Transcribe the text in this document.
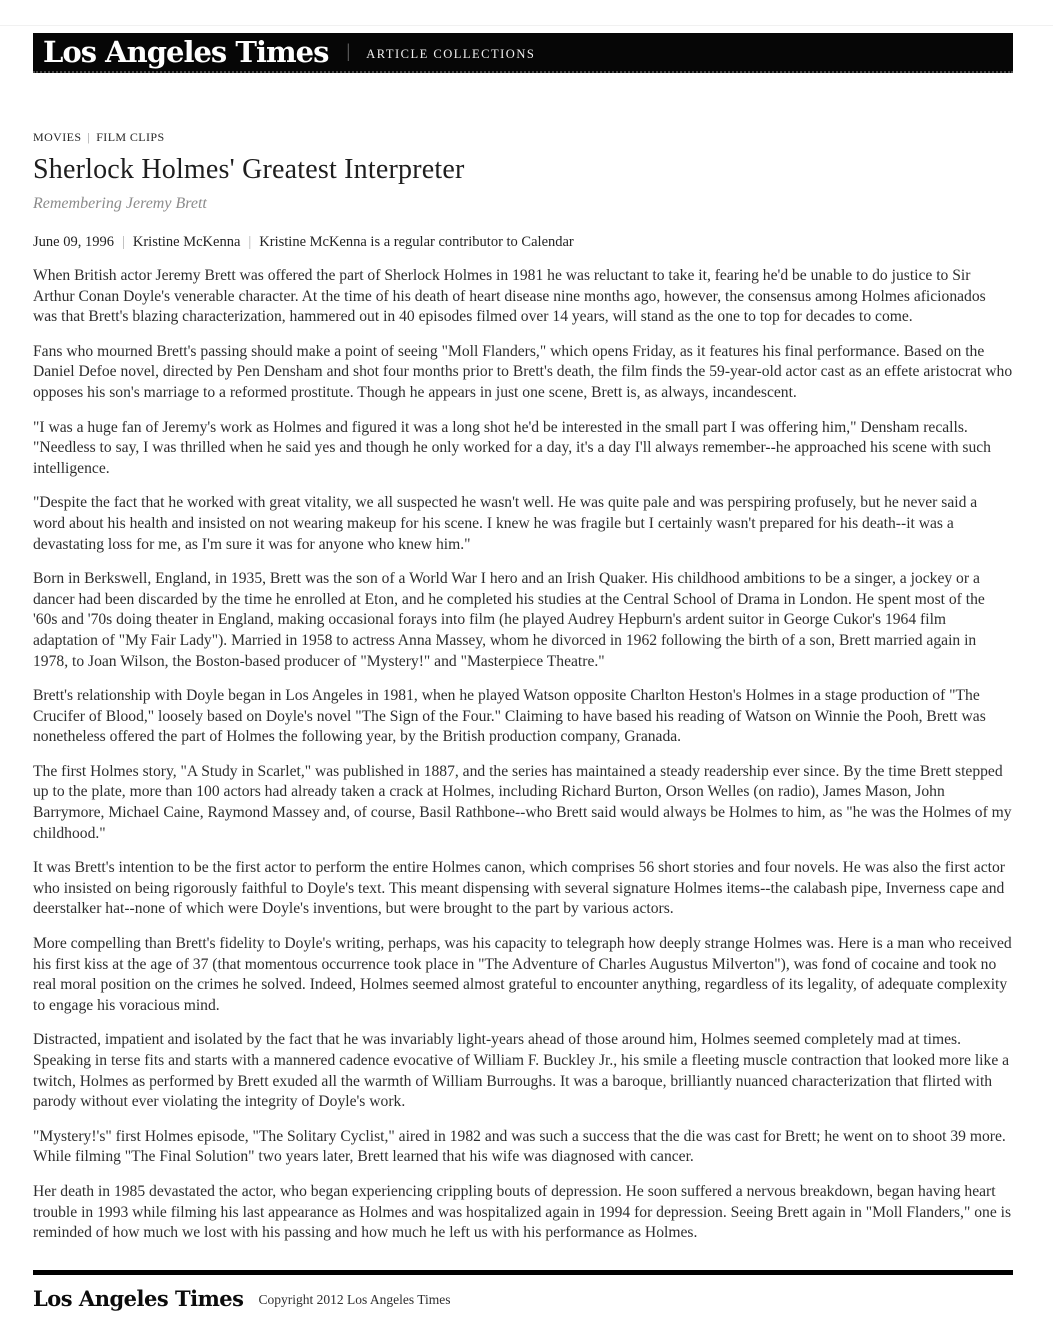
Los Angeles Times | ARTICLE COLLECTIONS
MOVIES | FILM CLIPS
Sherlock Holmes' Greatest Interpreter
Remembering Jeremy Brett
June 09, 1996 | Kristine McKenna | Kristine McKenna is a regular contributor to Calendar

When British actor Jeremy Brett was offered the part of Sherlock Holmes in 1981 he was reluctant to take it, fearing he'd be unable to do justice to Sir Arthur Conan Doyle's venerable character. At the time of his death of heart disease nine months ago, however, the consensus among Holmes aficionados was that Brett's blazing characterization, hammered out in 40 episodes filmed over 14 years, will stand as the one to top for decades to come.

Fans who mourned Brett's passing should make a point of seeing "Moll Flanders," which opens Friday, as it features his final performance. Based on the Daniel Defoe novel, directed by Pen Densham and shot four months prior to Brett's death, the film finds the 59-year-old actor cast as an effete aristocrat who opposes his son's marriage to a reformed prostitute. Though he appears in just one scene, Brett is, as always, incandescent.

"I was a huge fan of Jeremy's work as Holmes and figured it was a long shot he'd be interested in the small part I was offering him," Densham recalls. "Needless to say, I was thrilled when he said yes and though he only worked for a day, it's a day I'll always remember--he approached his scene with such intelligence.

"Despite the fact that he worked with great vitality, we all suspected he wasn't well. He was quite pale and was perspiring profusely, but he never said a word about his health and insisted on not wearing makeup for his scene. I knew he was fragile but I certainly wasn't prepared for his death--it was a devastating loss for me, as I'm sure it was for anyone who knew him."

Born in Berkswell, England, in 1935, Brett was the son of a World War I hero and an Irish Quaker. His childhood ambitions to be a singer, a jockey or a dancer had been discarded by the time he enrolled at Eton, and he completed his studies at the Central School of Drama in London. He spent most of the '60s and '70s doing theater in England, making occasional forays into film (he played Audrey Hepburn's ardent suitor in George Cukor's 1964 film adaptation of "My Fair Lady"). Married in 1958 to actress Anna Massey, whom he divorced in 1962 following the birth of a son, Brett married again in 1978, to Joan Wilson, the Boston-based producer of "Mystery!" and "Masterpiece Theatre."

Brett's relationship with Doyle began in Los Angeles in 1981, when he played Watson opposite Charlton Heston's Holmes in a stage production of "The Crucifer of Blood," loosely based on Doyle's novel "The Sign of the Four." Claiming to have based his reading of Watson on Winnie the Pooh, Brett was nonetheless offered the part of Holmes the following year, by the British production company, Granada.

The first Holmes story, "A Study in Scarlet," was published in 1887, and the series has maintained a steady readership ever since. By the time Brett stepped up to the plate, more than 100 actors had already taken a crack at Holmes, including Richard Burton, Orson Welles (on radio), James Mason, John Barrymore, Michael Caine, Raymond Massey and, of course, Basil Rathbone--who Brett said would always be Holmes to him, as "he was the Holmes of my childhood."

It was Brett's intention to be the first actor to perform the entire Holmes canon, which comprises 56 short stories and four novels. He was also the first actor who insisted on being rigorously faithful to Doyle's text. This meant dispensing with several signature Holmes items--the calabash pipe, Inverness cape and deerstalker hat--none of which were Doyle's inventions, but were brought to the part by various actors.

More compelling than Brett's fidelity to Doyle's writing, perhaps, was his capacity to telegraph how deeply strange Holmes was. Here is a man who received his first kiss at the age of 37 (that momentous occurrence took place in "The Adventure of Charles Augustus Milverton"), was fond of cocaine and took no real moral position on the crimes he solved. Indeed, Holmes seemed almost grateful to encounter anything, regardless of its legality, of adequate complexity to engage his voracious mind.

Distracted, impatient and isolated by the fact that he was invariably light-years ahead of those around him, Holmes seemed completely mad at times. Speaking in terse fits and starts with a mannered cadence evocative of William F. Buckley Jr., his smile a fleeting muscle contraction that looked more like a twitch, Holmes as performed by Brett exuded all the warmth of William Burroughs. It was a baroque, brilliantly nuanced characterization that flirted with parody without ever violating the integrity of Doyle's work.

"Mystery!'s" first Holmes episode, "The Solitary Cyclist," aired in 1982 and was such a success that the die was cast for Brett; he went on to shoot 39 more. While filming "The Final Solution" two years later, Brett learned that his wife was diagnosed with cancer.

Her death in 1985 devastated the actor, who began experiencing crippling bouts of depression. He soon suffered a nervous breakdown, began having heart trouble in 1993 while filming his last appearance as Holmes and was hospitalized again in 1994 for depression. Seeing Brett again in "Moll Flanders," one is reminded of how much we lost with his passing and how much he left us with his performance as Holmes.

Los Angeles Times Copyright 2012 Los Angeles Times
